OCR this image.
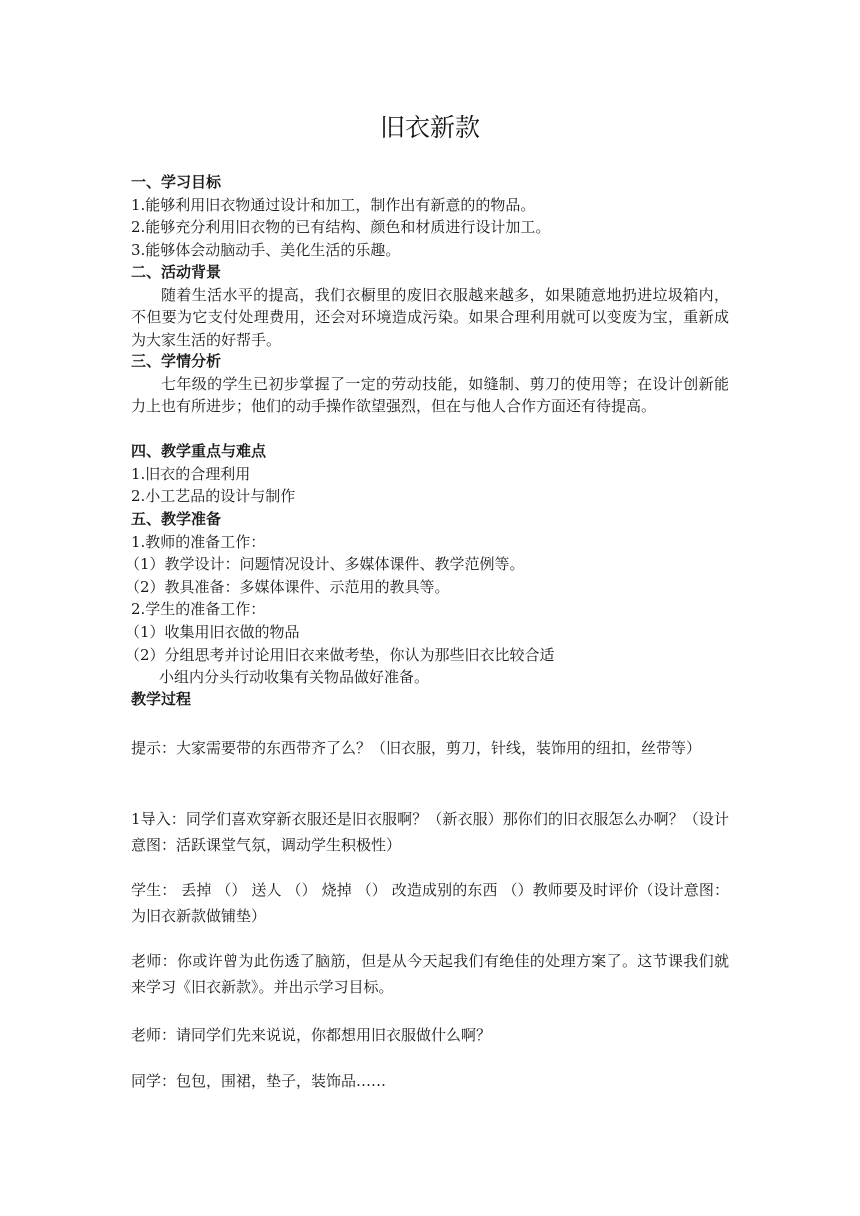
旧衣新款
一、学习目标
1.能够利用旧衣物通过设计和加工，制作出有新意的的物品。
2.能够充分利用旧衣物的已有结构、颜色和材质进行设计加工。
3.能够体会动脑动手、美化生活的乐趣。
二、活动背景
随着生活水平的提高，我们衣橱里的废旧衣服越来越多，如果随意地扔进垃圾箱内，不但要为它支付处理费用，还会对环境造成污染。如果合理利用就可以变废为宝，重新成为大家生活的好帮手。
三、学情分析
七年级的学生已初步掌握了一定的劳动技能，如缝制、剪刀的使用等；在设计创新能力上也有所进步；他们的动手操作欲望强烈，但在与他人合作方面还有待提高。
四、教学重点与难点
1.旧衣的合理利用
2.小工艺品的设计与制作
五、教学准备
1.教师的准备工作：
（1）教学设计：问题情况设计、多媒体课件、教学范例等。
（2）教具准备：多媒体课件、示范用的教具等。
2.学生的准备工作：
（1）收集用旧衣做的物品
（2）分组思考并讨论用旧衣来做考垫，你认为那些旧衣比较合适
小组内分头行动收集有关物品做好准备。
教学过程
提示：大家需要带的东西带齐了么？（旧衣服，剪刀，针线，装饰用的纽扣，丝带等）
1导入：同学们喜欢穿新衣服还是旧衣服啊？（新衣服）那你们的旧衣服怎么办啊？（设计意图：活跃课堂气氛，调动学生积极性）
学生： 丢掉 （） 送人 （） 烧掉 （） 改造成别的东西 （）教师要及时评价（设计意图：为旧衣新款做铺垫）
老师：你或许曾为此伤透了脑筋，但是从今天起我们有绝佳的处理方案了。这节课我们就来学习《旧衣新款》。并出示学习目标。
老师：请同学们先来说说，你都想用旧衣服做什么啊？
同学：包包，围裙，垫子，装饰品……
